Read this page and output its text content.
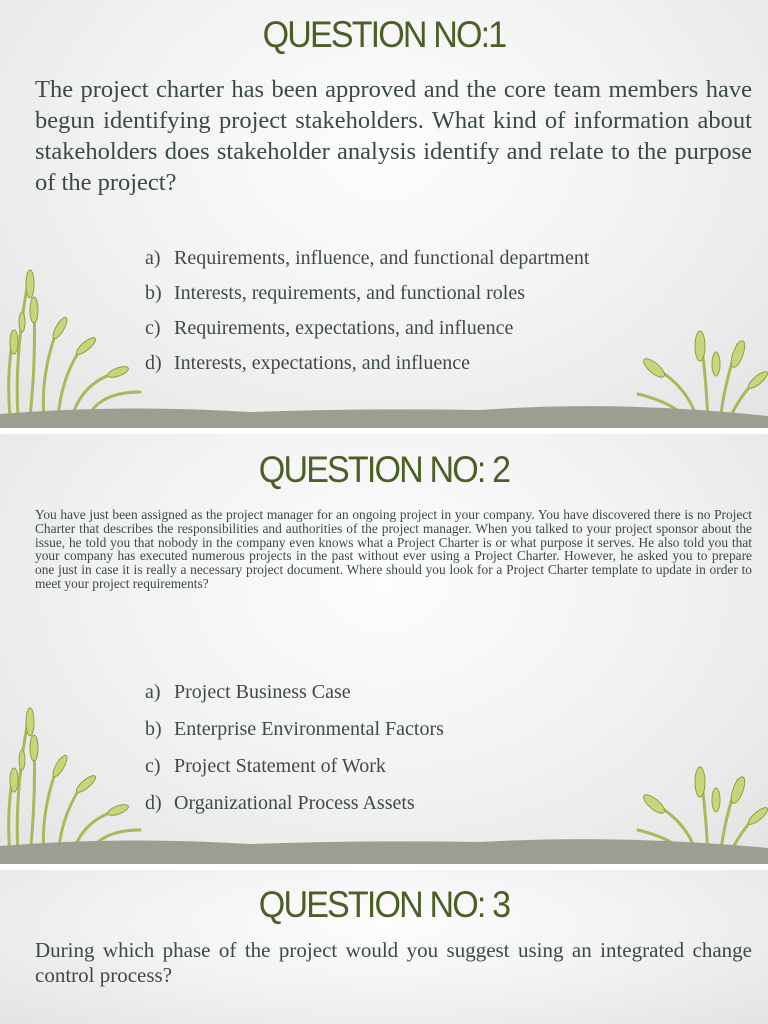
QUESTION NO:1

The project charter has been approved and the core team members have begun identifying project stakeholders. What kind of information about stakeholders does stakeholder analysis identify and relate to the purpose of the project?

a) Requirements, influence, and functional department
b) Interests, requirements, and functional roles
c) Requirements, expectations, and influence
d) Interests, expectations, and influence
QUESTION NO: 2

You have just been assigned as the project manager for an ongoing project in your company. You have discovered there is no Project Charter that describes the responsibilities and authorities of the project manager. When you talked to your project sponsor about the issue, he told you that nobody in the company even knows what a Project Charter is or what purpose it serves. He also told you that your company has executed numerous projects in the past without ever using a Project Charter. However, he asked you to prepare one just in case it is really a necessary project document. Where should you look for a Project Charter template to update in order to meet your project requirements?

a) Project Business Case
b) Enterprise Environmental Factors
c) Project Statement of Work
d) Organizational Process Assets
QUESTION NO: 3

During which phase of the project would you suggest using an integrated change control process?
